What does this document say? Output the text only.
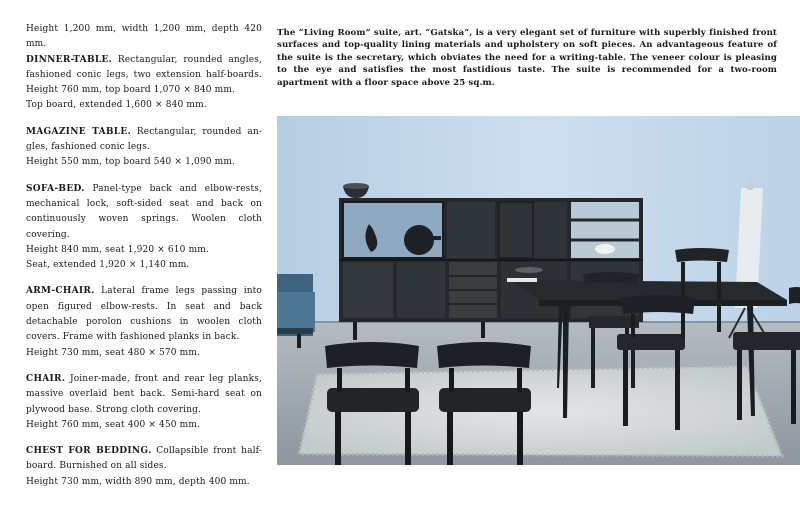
Height 1,200 mm, width 1,200 mm, depth 420 mm.

DINNER-TABLE. Rectangular, rounded angles, fashioned conic legs, two extension half-boards. Height 760 mm, top board 1,070 × 840 mm.
Top board, extended 1,600 × 840 mm.

MAGAZINE TABLE. Rectangular, rounded an- gles, fashioned conic legs.
Height 550 mm, top board 540 × 1,090 mm.

SOFA-BED. Panel-type back and elbow-rests, mechanical lock, soft-sided seat and back on continuously woven springs. Woolen cloth covering.
Height 840 mm, seat 1,920 × 610 mm.
Seat, extended 1,920 × 1,140 mm.

ARM-CHAIR. Lateral frame legs passing into open figured elbow-rests. In seat and back detachable porolon cushions in woolen cloth covers. Frame with fashioned planks in back.
Height 730 mm, seat 480 × 570 mm.

CHAIR. Joiner-made, front and rear leg planks, massive overlaid bent back. Semi-hard seat on plywood base. Strong cloth covering.
Height 760 mm, seat 400 × 450 mm.

CHEST FOR BEDDING. Collapsible front half- board. Burnished on all sides.
Height 730 mm, width 890 mm, depth 400 mm.

The “Living Room” suite, art. “Gatska”, is a very elegant set of furniture with superbly finished front surfaces and top-quality lining materials and upholstery on soft pieces. An advantageous feature of the suite is the secretary, which obviates the need for a writing-table. The veneer colour is pleasing to the eye and satisfies the most fastidious taste. The suite is recommended for a two-room apartment with a floor space above 25 sq.m.
